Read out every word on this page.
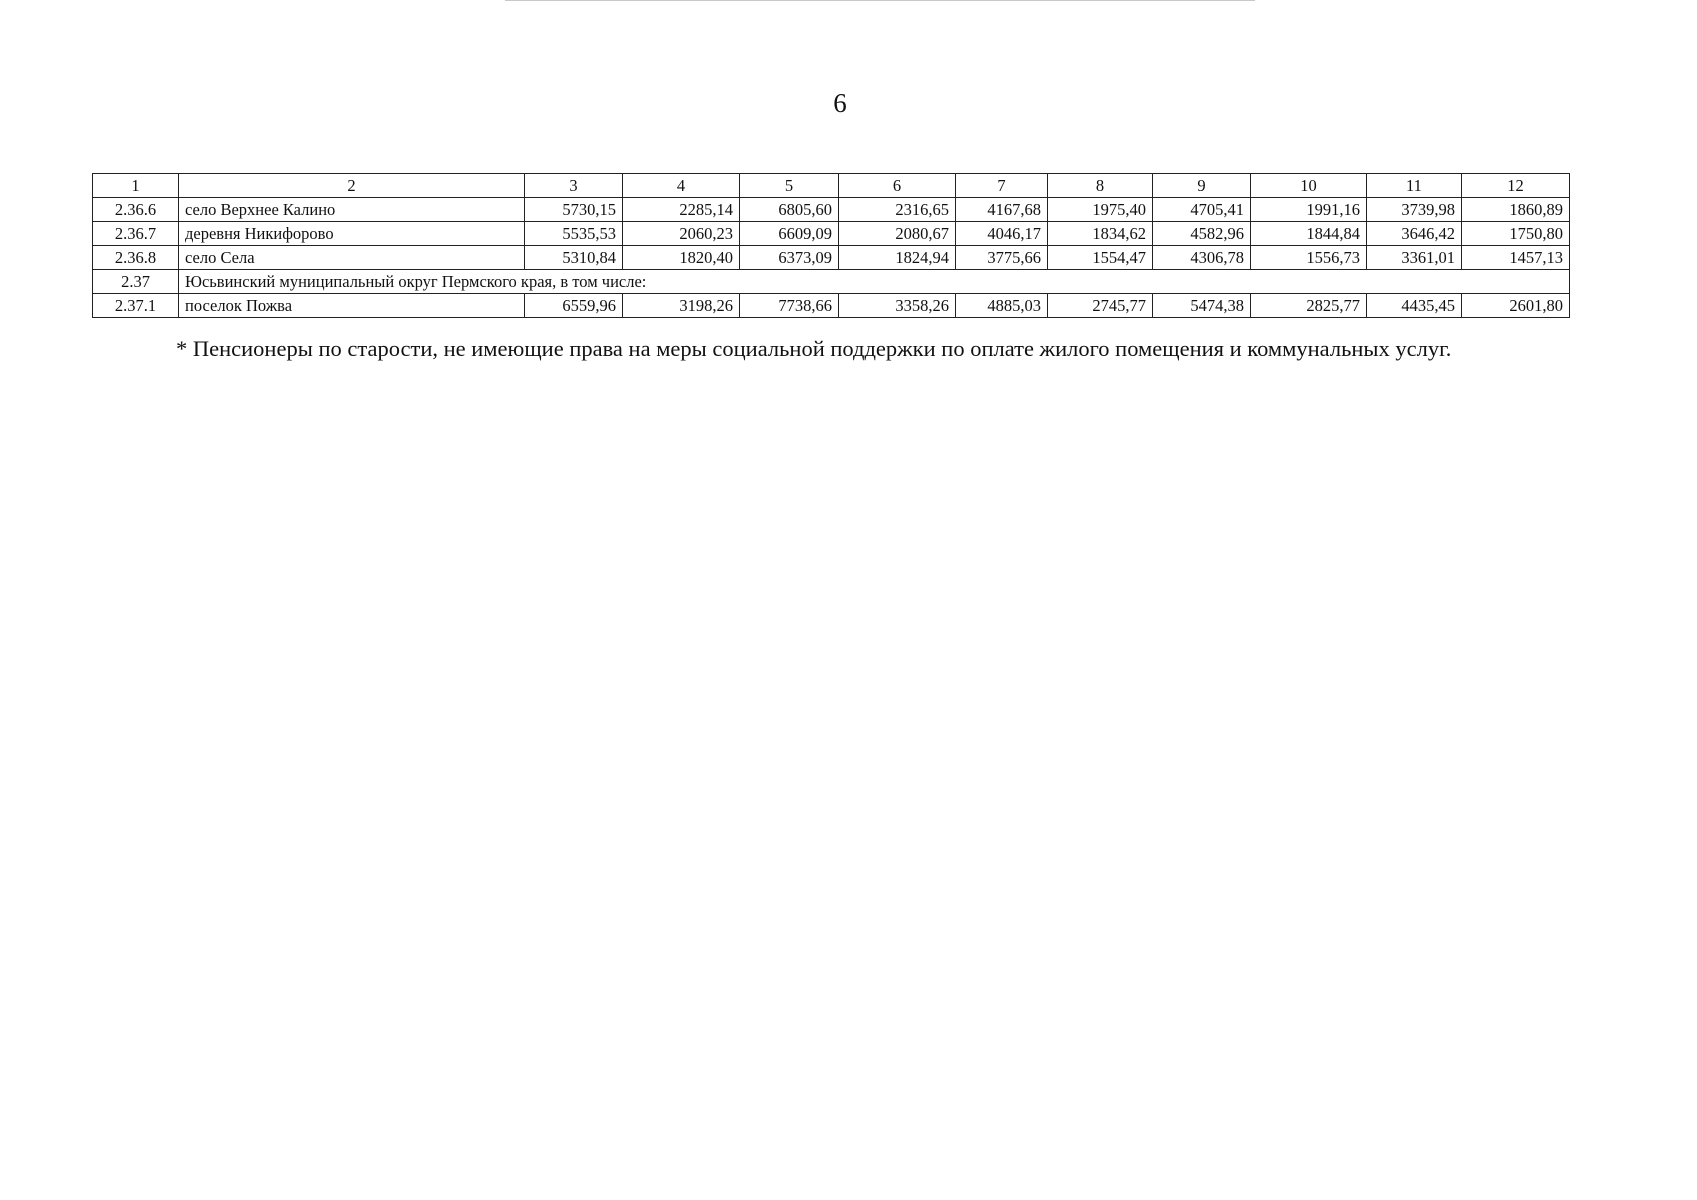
6
1	2	3	4	5	6	7	8	9	10	11	12
2.36.6	село Верхнее Калино	5730,15	2285,14	6805,60	2316,65	4167,68	1975,40	4705,41	1991,16	3739,98	1860,89
2.36.7	деревня Никифорово	5535,53	2060,23	6609,09	2080,67	4046,17	1834,62	4582,96	1844,84	3646,42	1750,80
2.36.8	село Села	5310,84	1820,40	6373,09	1824,94	3775,66	1554,47	4306,78	1556,73	3361,01	1457,13
2.37	Юсьвинский муниципальный округ Пермского края, в том числе:										
2.37.1	поселок Пожва	6559,96	3198,26	7738,66	3358,26	4885,03	2745,77	5474,38	2825,77	4435,45	2601,80
* Пенсионеры по старости, не имеющие права на меры социальной поддержки по оплате жилого помещения и коммунальных услуг.
